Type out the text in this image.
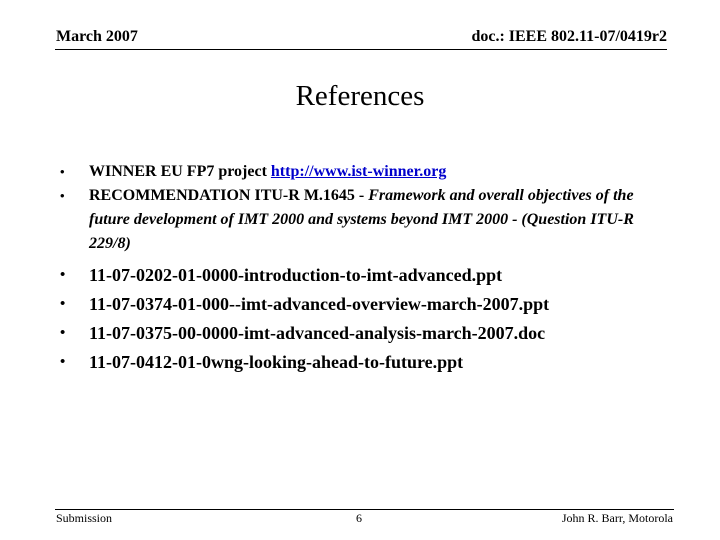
March 2007	doc.: IEEE 802.11-07/0419r2
References
• WINNER EU FP7 project http://www.ist-winner.org
• RECOMMENDATION ITU-R M.1645 - Framework and overall objectives of the future development of IMT 2000 and systems beyond IMT 2000 - (Question ITU-R 229/8)
• 11-07-0202-01-0000-introduction-to-imt-advanced.ppt
• 11-07-0374-01-000--imt-advanced-overview-march-2007.ppt
• 11-07-0375-00-0000-imt-advanced-analysis-march-2007.doc
• 11-07-0412-01-0wng-looking-ahead-to-future.ppt
Submission	6	John R. Barr, Motorola
